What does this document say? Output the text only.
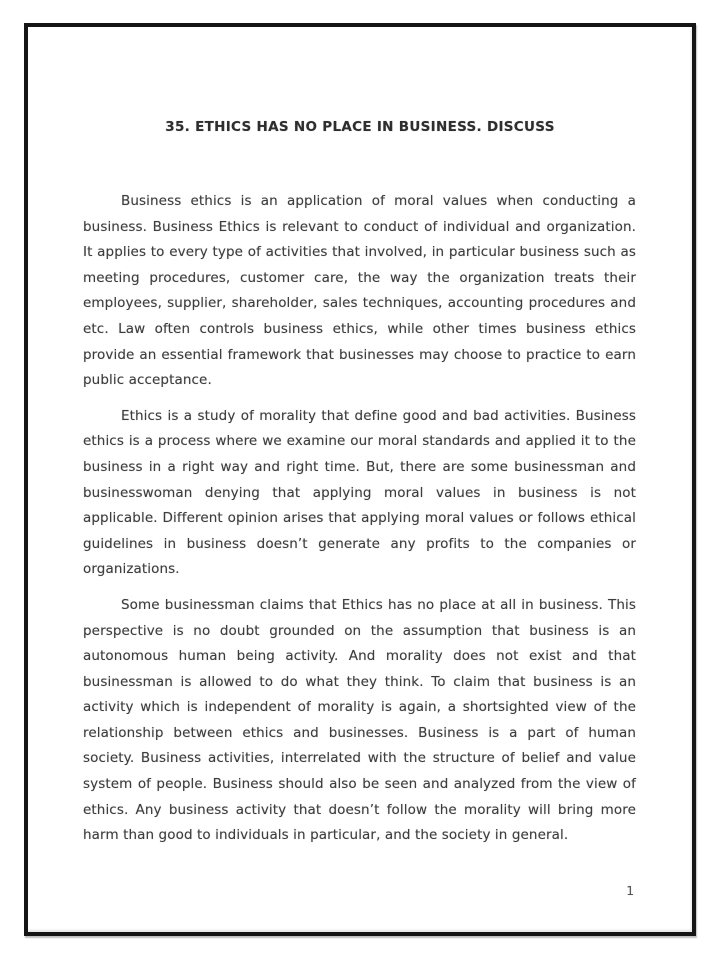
35. ETHICS HAS NO PLACE IN BUSINESS. DISCUSS

Business ethics is an application of moral values when conducting a business. Business Ethics is relevant to conduct of individual and organization. It applies to every type of activities that involved, in particular business such as meeting procedures, customer care, the way the organization treats their employees, supplier, shareholder, sales techniques, accounting procedures and etc. Law often controls business ethics, while other times business ethics provide an essential framework that businesses may choose to practice to earn public acceptance.

Ethics is a study of morality that define good and bad activities. Business ethics is a process where we examine our moral standards and applied it to the business in a right way and right time. But, there are some businessman and businesswoman denying that applying moral values in business is not applicable. Different opinion arises that applying moral values or follows ethical guidelines in business doesn’t generate any profits to the companies or organizations.

Some businessman claims that Ethics has no place at all in business. This perspective is no doubt grounded on the assumption that business is an autonomous human being activity. And morality does not exist and that businessman is allowed to do what they think. To claim that business is an activity which is independent of morality is again, a shortsighted view of the relationship between ethics and businesses. Business is a part of human society. Business activities, interrelated with the structure of belief and value system of people. Business should also be seen and analyzed from the view of ethics. Any business activity that doesn’t follow the morality will bring more harm than good to individuals in particular, and the society in general.

1
